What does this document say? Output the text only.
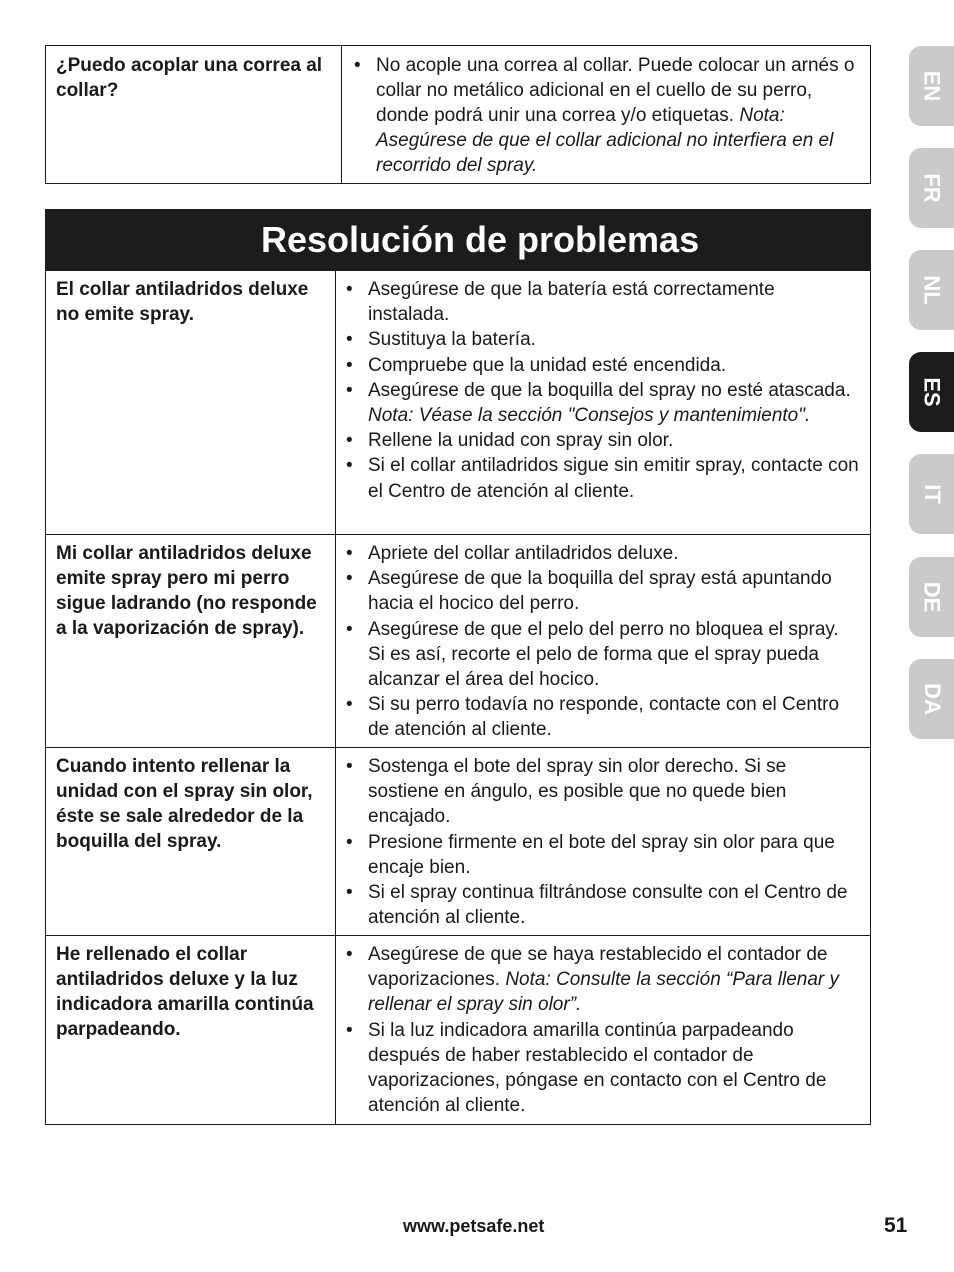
¿Puedo acoplar una correa al collar?
• No acople una correa al collar. Puede colocar un arnés o collar no metálico adicional en el cuello de su perro, donde podrá unir una correa y/o etiquetas. Nota: Asegúrese de que el collar adicional no interfiera en el recorrido del spray.
Resolución de problemas
El collar antiladridos deluxe no emite spray.
• Asegúrese de que la batería está correctamente instalada.
• Sustituya la batería.
• Compruebe que la unidad esté encendida.
• Asegúrese de que la boquilla del spray no esté atascada.
Nota: Véase la sección "Consejos y mantenimiento".
• Rellene la unidad con spray sin olor.
• Si el collar antiladridos sigue sin emitir spray, contacte con el Centro de atención al cliente.
Mi collar antiladridos deluxe emite spray pero mi perro sigue ladrando (no responde a la vaporización de spray).
• Apriete del collar antiladridos deluxe.
• Asegúrese de que la boquilla del spray está apuntando hacia el hocico del perro.
• Asegúrese de que el pelo del perro no bloquea el spray. Si es así, recorte el pelo de forma que el spray pueda alcanzar el área del hocico.
• Si su perro todavía no responde, contacte con el Centro de atención al cliente.
Cuando intento rellenar la unidad con el spray sin olor, éste se sale alrededor de la boquilla del spray.
• Sostenga el bote del spray sin olor derecho. Si se sostiene en ángulo, es posible que no quede bien encajado.
• Presione firmente en el bote del spray sin olor para que encaje bien.
• Si el spray continua filtrándose consulte con el Centro de atención al cliente.
He rellenado el collar antiladridos deluxe y la luz indicadora amarilla continúa parpadeando.
• Asegúrese de que se haya restablecido el contador de vaporizaciones. Nota: Consulte la sección “Para llenar y rellenar el spray sin olor”.
• Si la luz indicadora amarilla continúa parpadeando después de haber restablecido el contador de vaporizaciones, póngase en contacto con el Centro de atención al cliente.
EN
FR
NL
ES
IT
DE
DA
www.petsafe.net	51
